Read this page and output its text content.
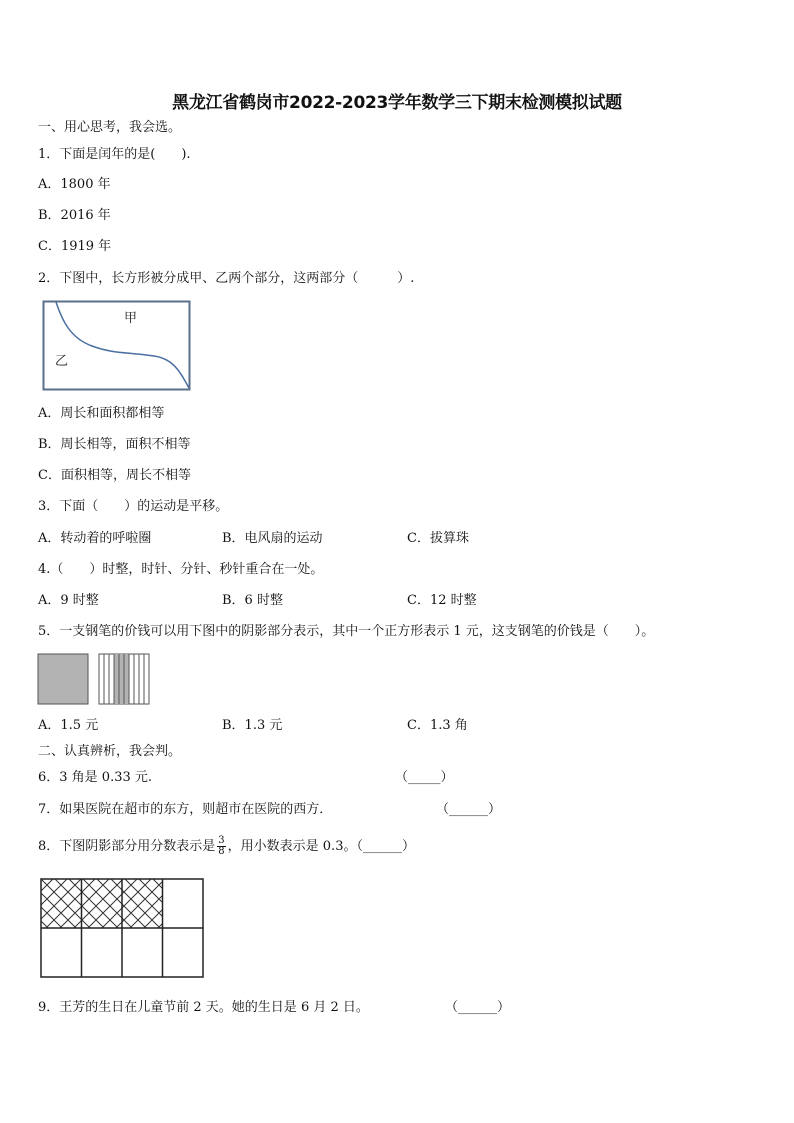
黑龙江省鹤岗市2022-2023学年数学三下期末检测模拟试题
一、用心思考，我会选。
1．下面是闰年的是(　　).
A．1800 年
B．2016 年
C．1919 年
2．下图中，长方形被分成甲、乙两个部分，这两部分（　　　）.
甲
乙
A．周长和面积都相等
B．周长相等，面积不相等
C．面积相等，周长不相等
3．下面（　　）的运动是平移。
A．转动着的呼啦圈	B．电风扇的运动	C．拔算珠
4.（　　）时整，时针、分针、秒针重合在一处。
A．9 时整	B．6 时整	C．12 时整
5．一支钢笔的价钱可以用下图中的阴影部分表示，其中一个正方形表示 1 元，这支钢笔的价钱是（　　）。
A．1.5 元	B．1.3 元	C．1.3 角
二、认真辨析，我会判。
6．3 角是 0.33 元.	（_____）
7．如果医院在超市的东方，则超市在医院的西方．	（______）
8．下图阴影部分用分数表示是 $\frac{3}{8}$ ，用小数表示是 0.3。（______）
9．王芳的生日在儿童节前 2 天。她的生日是 6 月 2 日。	（______）
